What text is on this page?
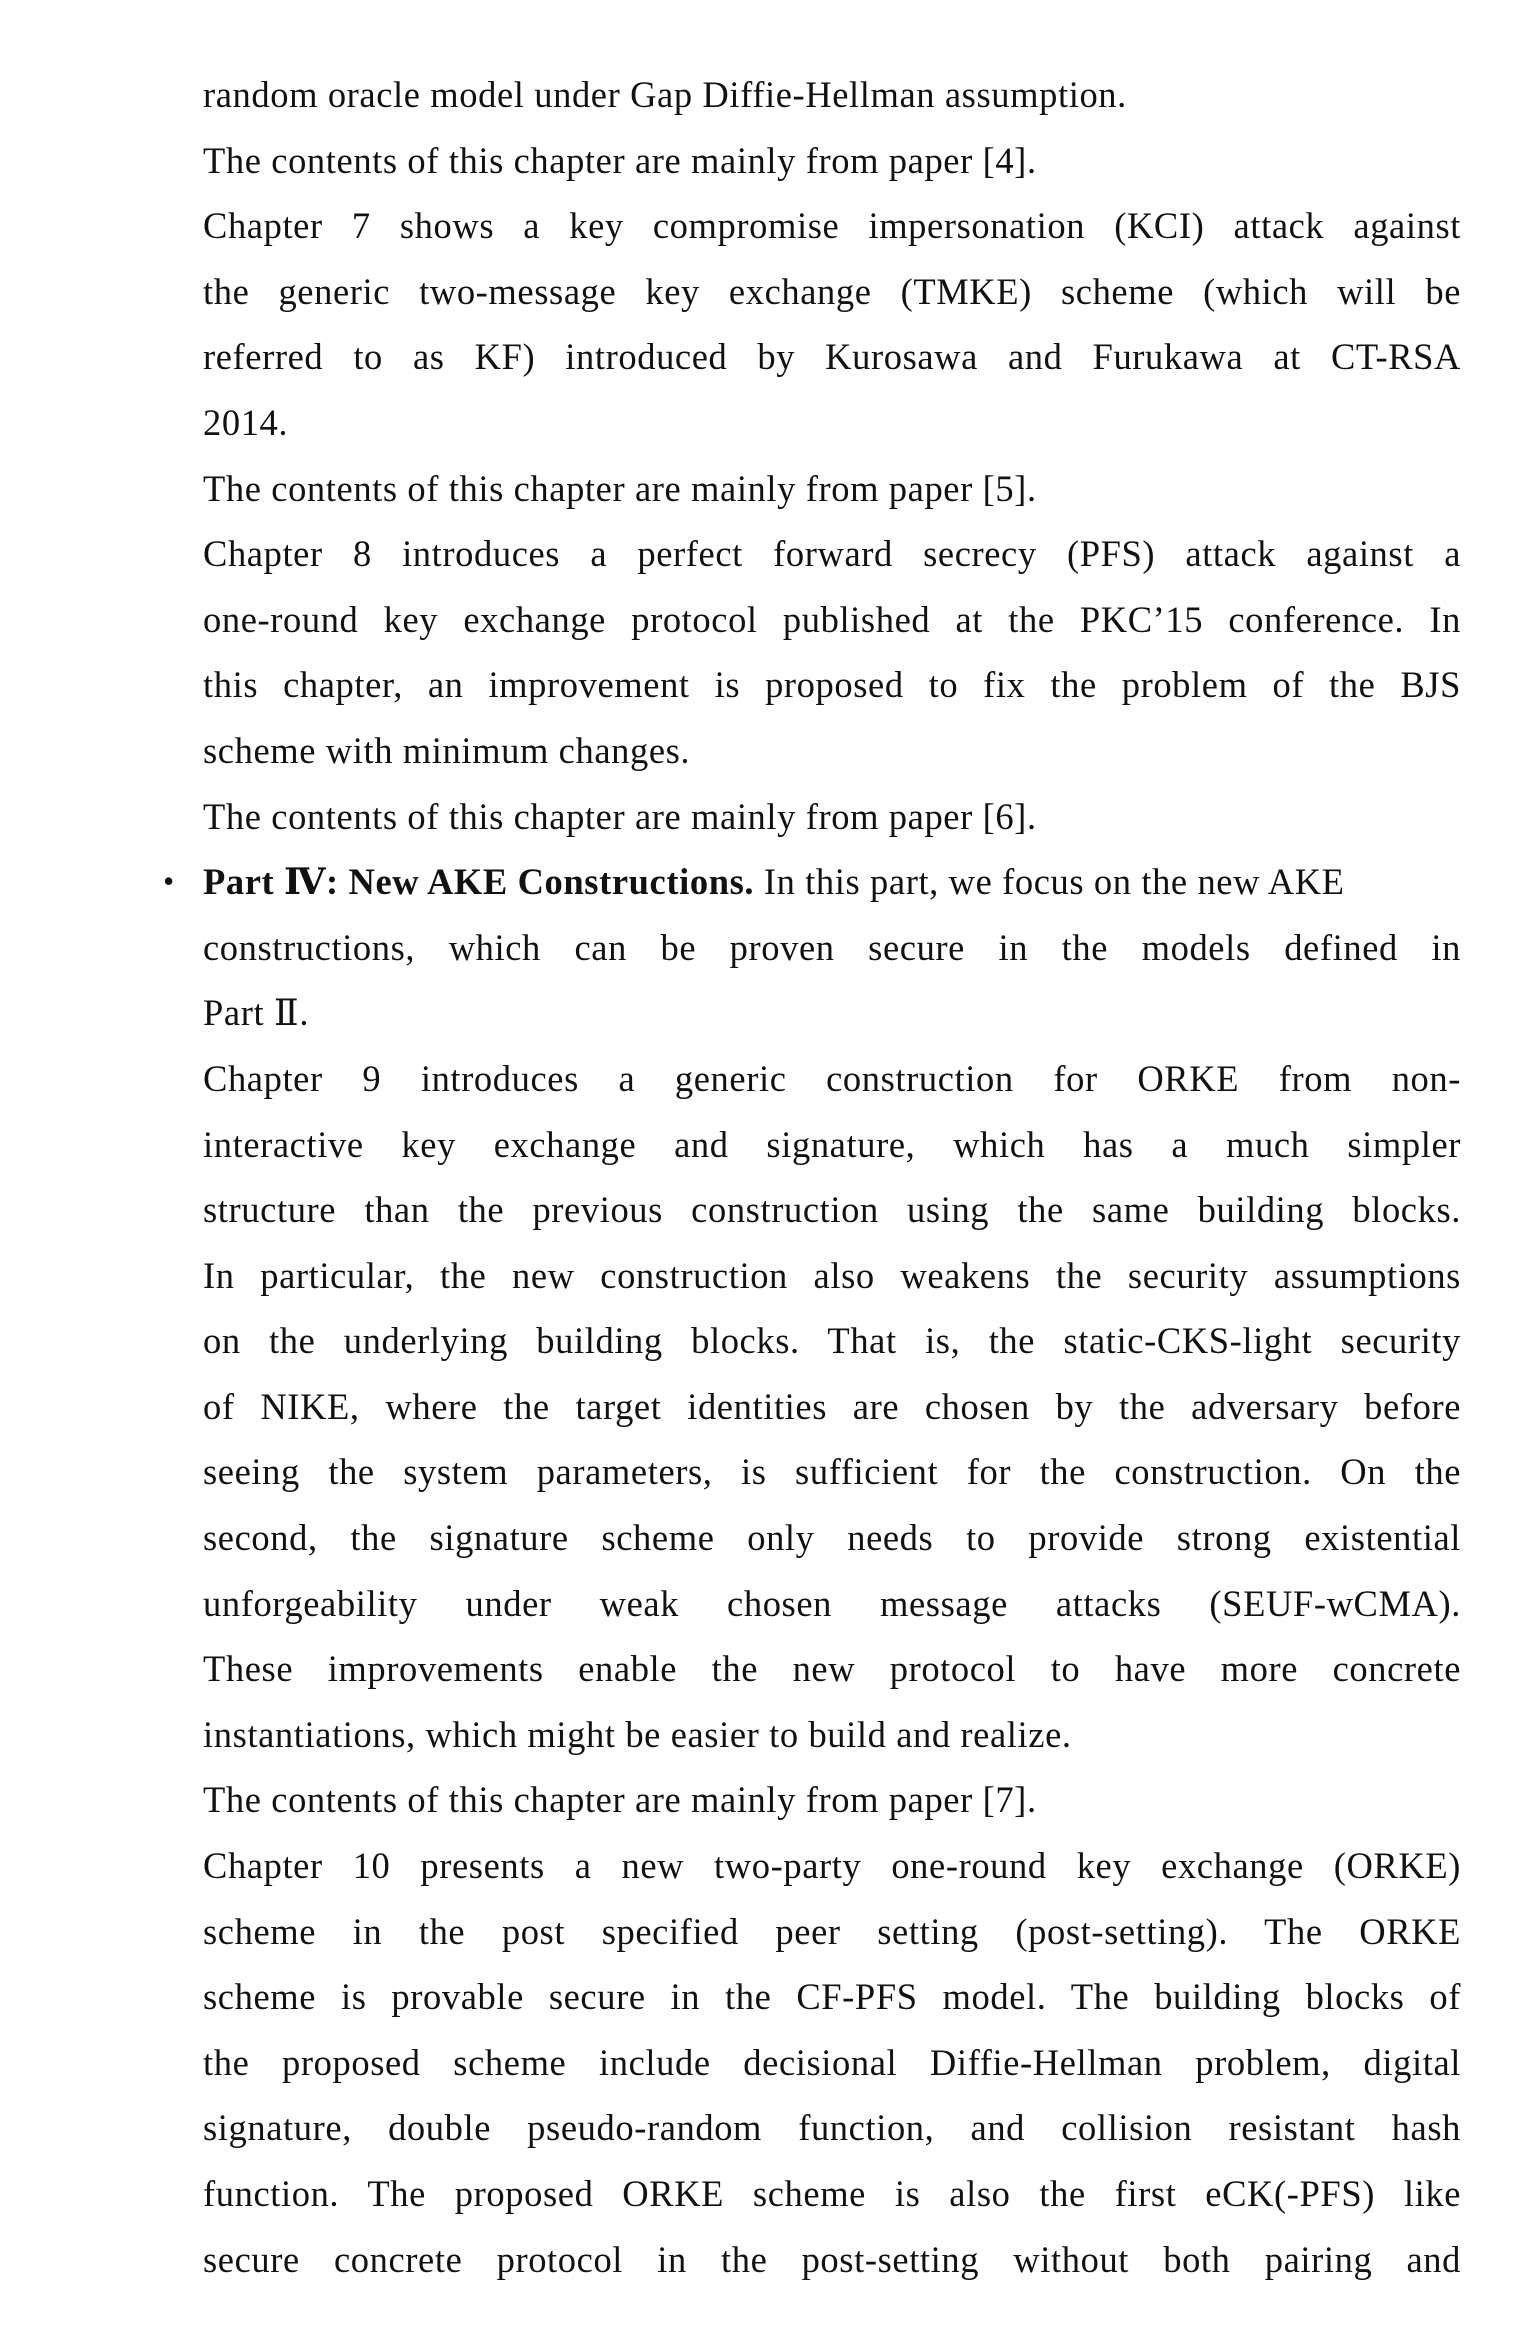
random oracle model under Gap Diffie-Hellman assumption.
The contents of this chapter are mainly from paper [4].
Chapter 7 shows a key compromise impersonation (KCI) attack against
the generic two-message key exchange (TMKE) scheme (which will be
referred to as KF) introduced by Kurosawa and Furukawa at CT-RSA
2014.
The contents of this chapter are mainly from paper [5].
Chapter 8 introduces a perfect forward secrecy (PFS) attack against a
one-round key exchange protocol published at the PKC’15 conference. In
this chapter, an improvement is proposed to fix the problem of the BJS
scheme with minimum changes.
The contents of this chapter are mainly from paper [6].
• Part Ⅳ: New AKE Constructions. In this part, we focus on the new AKE
constructions, which can be proven secure in the models defined in
Part Ⅱ.
Chapter 9 introduces a generic construction for ORKE from non-
interactive key exchange and signature, which has a much simpler
structure than the previous construction using the same building blocks.
In particular, the new construction also weakens the security assumptions
on the underlying building blocks. That is, the static-CKS-light security
of NIKE, where the target identities are chosen by the adversary before
seeing the system parameters, is sufficient for the construction. On the
second, the signature scheme only needs to provide strong existential
unforgeability under weak chosen message attacks (SEUF-wCMA).
These improvements enable the new protocol to have more concrete
instantiations, which might be easier to build and realize.
The contents of this chapter are mainly from paper [7].
Chapter 10 presents a new two-party one-round key exchange (ORKE)
scheme in the post specified peer setting (post-setting). The ORKE
scheme is provable secure in the CF-PFS model. The building blocks of
the proposed scheme include decisional Diffie-Hellman problem, digital
signature, double pseudo-random function, and collision resistant hash
function. The proposed ORKE scheme is also the first eCK(-PFS) like
secure concrete protocol in the post-setting without both pairing and
